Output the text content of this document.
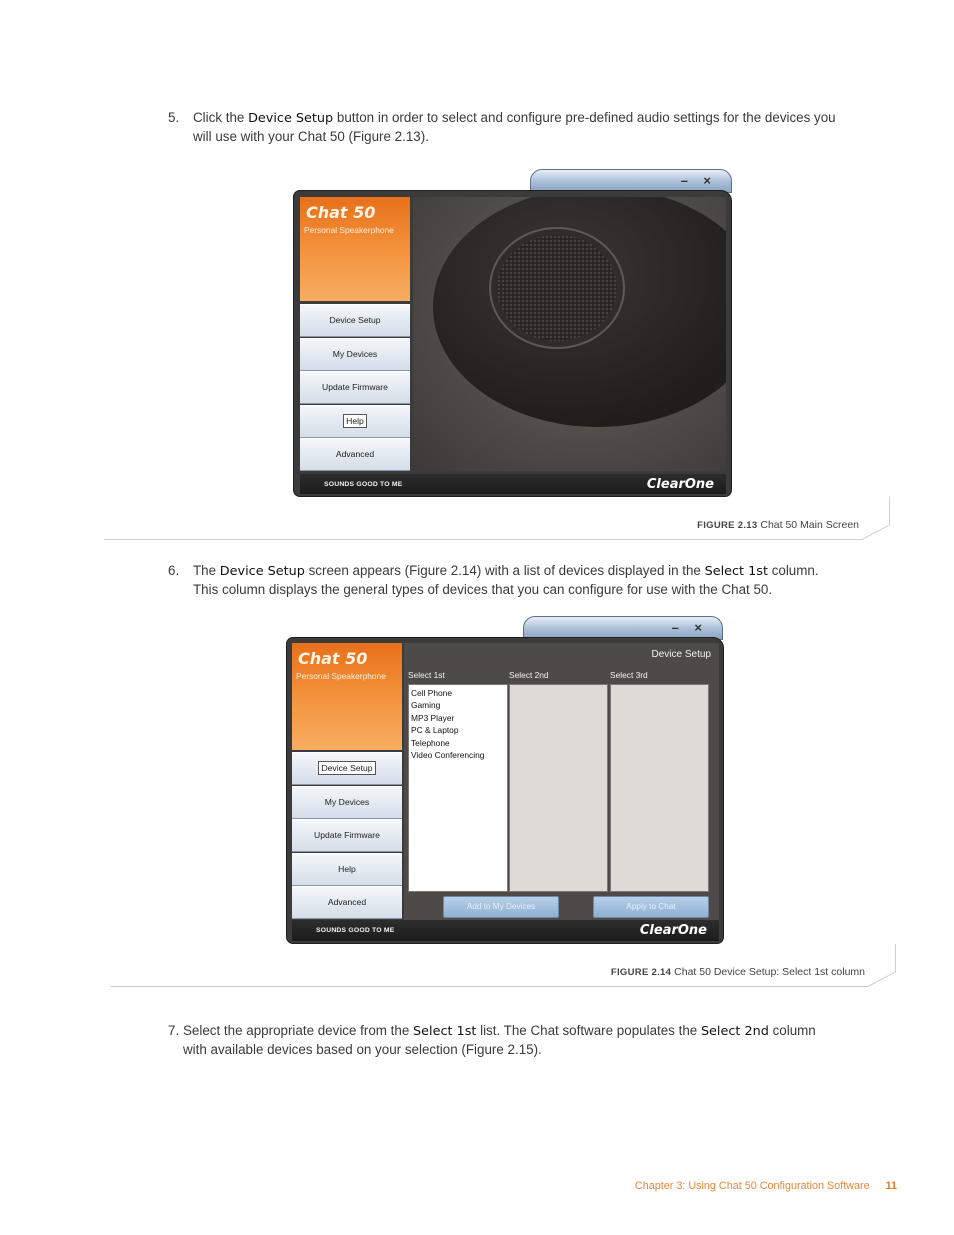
5. Click the Device Setup button in order to select and configure pre-defined audio settings for the devices you will use with your Chat 50 (Figure 2.13).
– ×
Chat 50
Personal Speakerphone
Device Setup
My Devices
Update Firmware
Help
Advanced
SOUNDS GOOD TO ME	ClearOne
FIGURE 2.13 Chat 50 Main Screen
6. The Device Setup screen appears (Figure 2.14) with a list of devices displayed in the Select 1st column. This column displays the general types of devices that you can configure for use with the Chat 50.
– ×
Chat 50
Personal Speakerphone
Device Setup
My Devices
Update Firmware
Help
Advanced
Device Setup
Select 1st	Select 2nd	Select 3rd
Cell Phone
Gaming
MP3 Player
PC & Laptop
Telephone
Video Conferencing
Add to My Devices	Apply to Chat
SOUNDS GOOD TO ME	ClearOne
FIGURE 2.14 Chat 50 Device Setup: Select 1st column
7. Select the appropriate device from the Select 1st list. The Chat software populates the Select 2nd column with available devices based on your selection (Figure 2.15).
Chapter 3: Using Chat 50 Configuration Software 11
